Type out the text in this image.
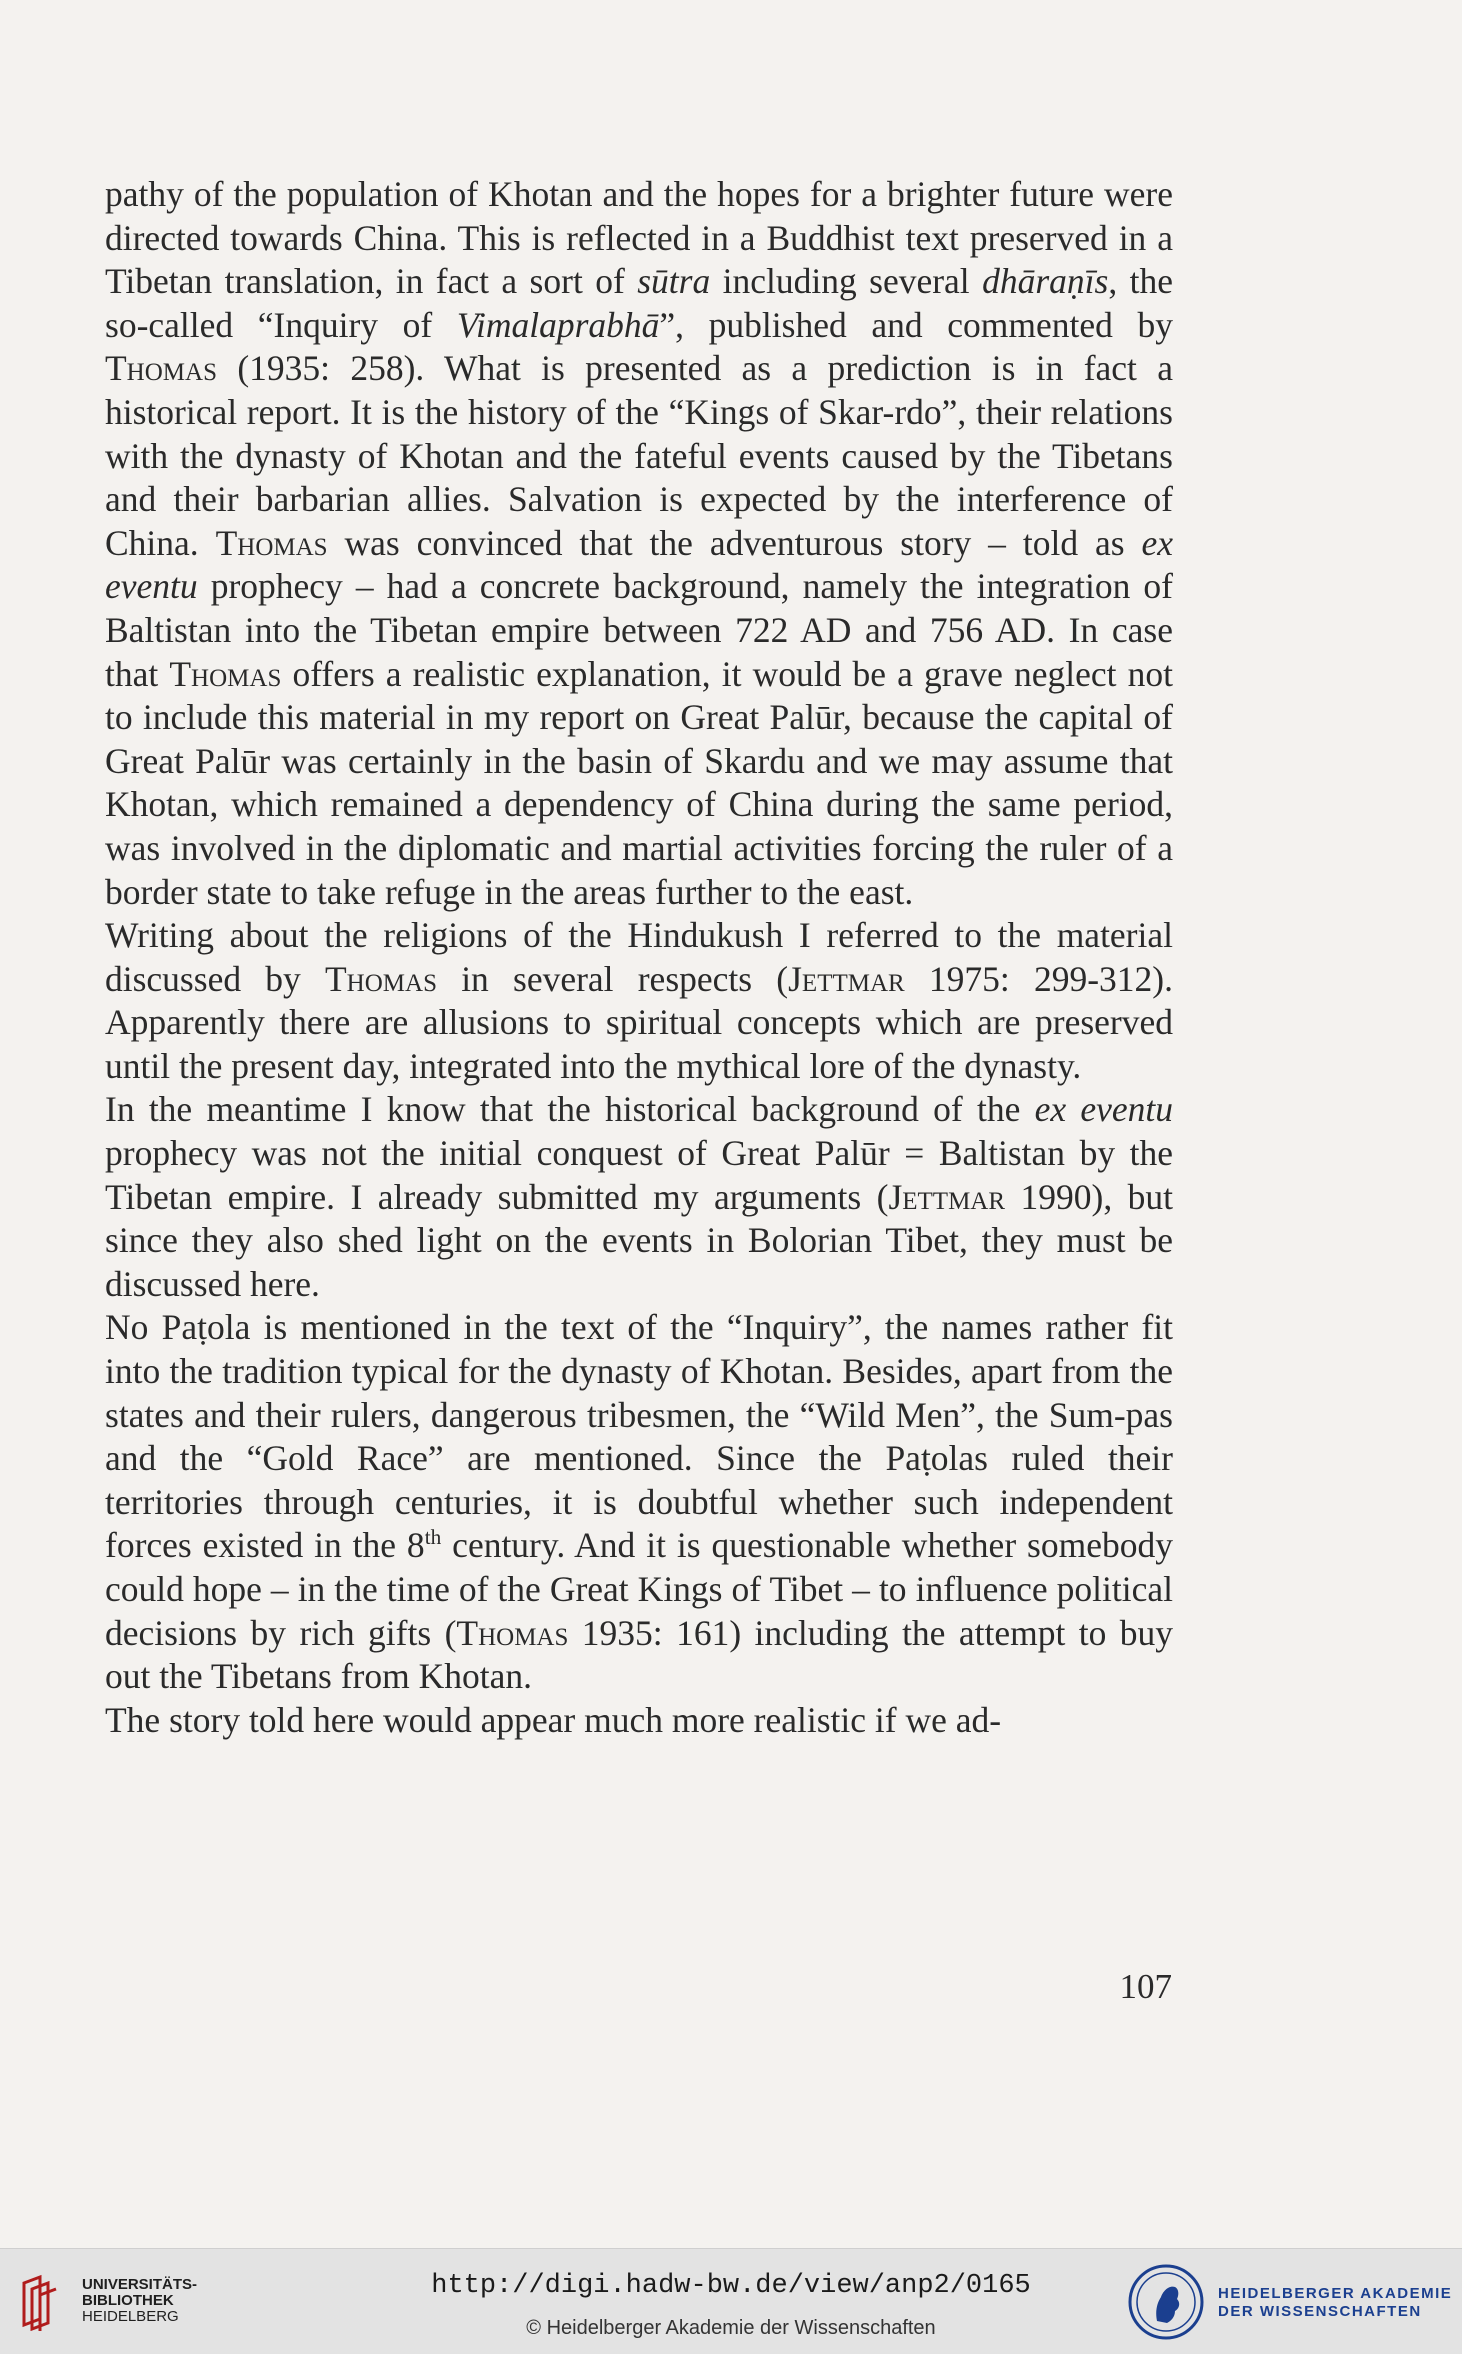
pathy of the population of Khotan and the hopes for a brighter future were directed towards China. This is reflected in a Buddhist text preserved in a Tibetan translation, in fact a sort of sūtra including several dhāraṇīs, the so-called “Inquiry of Vimalaprabhā”, published and commented by Thomas (1935: 258). What is presented as a prediction is in fact a historical report. It is the history of the “Kings of Skar-rdo”, their relations with the dynasty of Khotan and the fateful events caused by the Tibetans and their barbarian allies. Salvation is expected by the interference of China. Thomas was convinced that the adventurous story – told as ex eventu prophecy – had a concrete background, namely the integration of Baltistan into the Tibetan empire between 722 AD and 756 AD. In case that Thomas offers a realistic explanation, it would be a grave neglect not to include this material in my report on Great Palūr, because the capital of Great Palūr was certainly in the basin of Skardu and we may assume that Khotan, which remained a dependency of China during the same period, was involved in the diplomatic and martial activities forcing the ruler of a border state to take refuge in the areas further to the east.

Writing about the religions of the Hindukush I referred to the material discussed by Thomas in several respects (Jettmar 1975: 299-312). Apparently there are allusions to spiritual concepts which are preserved until the present day, integrated into the mythical lore of the dynasty.

In the meantime I know that the historical background of the ex eventu prophecy was not the initial conquest of Great Palūr = Baltistan by the Tibetan empire. I already submitted my arguments (Jettmar 1990), but since they also shed light on the events in Bolorian Tibet, they must be discussed here.

No Paṭola is mentioned in the text of the “Inquiry”, the names rather fit into the tradition typical for the dynasty of Khotan. Besides, apart from the states and their rulers, dangerous tribesmen, the “Wild Men”, the Sum-pas and the “Gold Race” are mentioned. Since the Paṭolas ruled their territories through centuries, it is doubtful whether such independent forces existed in the 8th century. And it is questionable whether somebody could hope – in the time of the Great Kings of Tibet – to influence political decisions by rich gifts (Thomas 1935: 161) including the attempt to buy out the Tibetans from Khotan.

The story told here would appear much more realistic if we ad-

107
UNIVERSITÄTS-
BIBLIOTHEK
HEIDELBERG
http://digi.hadw-bw.de/view/anp2/0165
© Heidelberger Akademie der Wissenschaften
HEIDELBERGER AKADEMIE
DER WISSENSCHAFTEN
